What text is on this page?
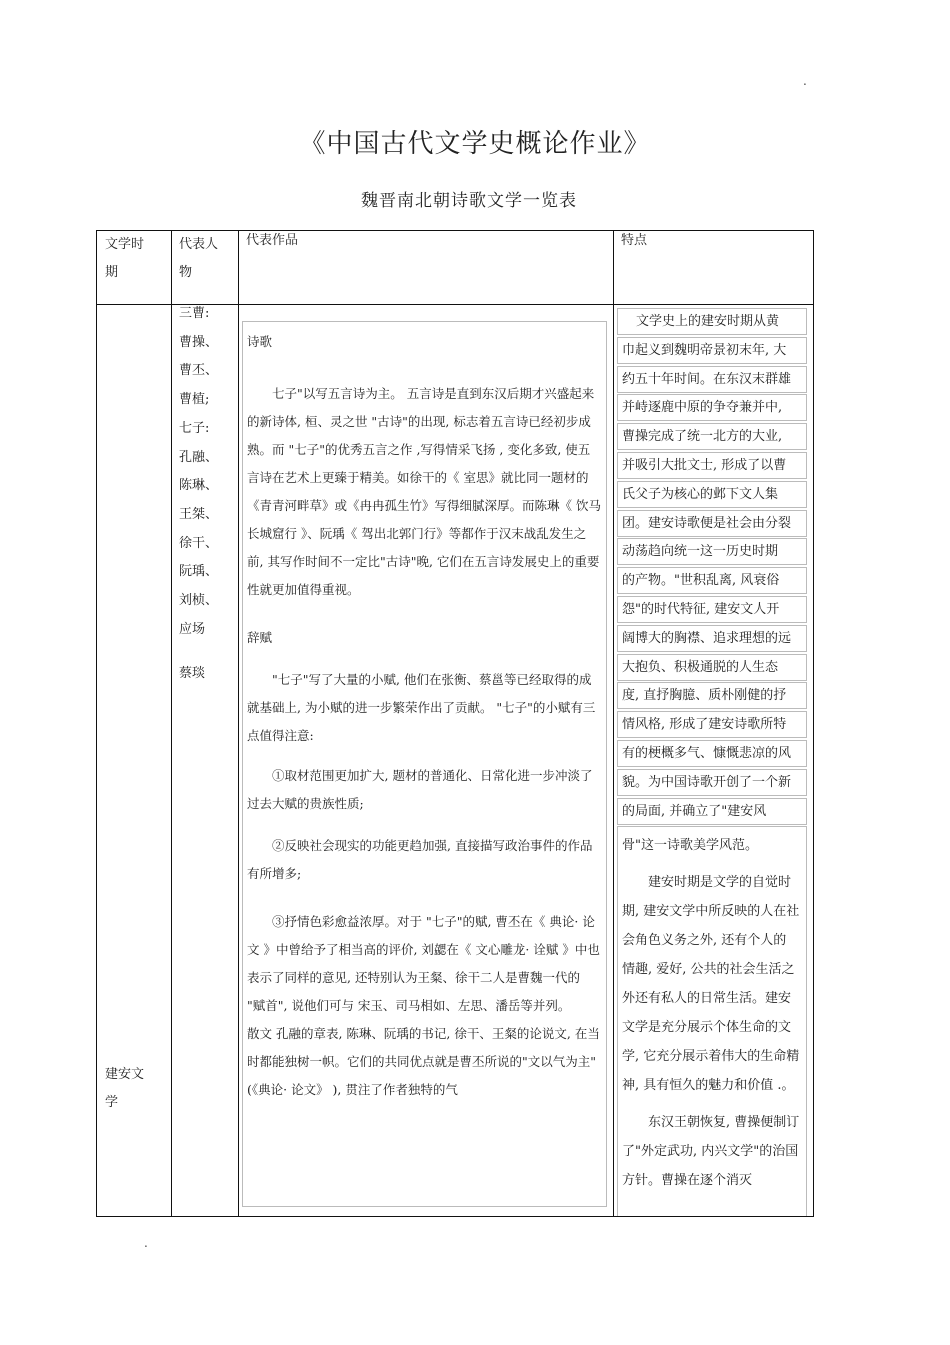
.
《中国古代文学史概论作业》
魏晋南北朝诗歌文学一览表
文学时期
代表人物
代表作品	特点
建安文学
三曹:
曹操、
曹丕、
曹植;
七子:
孔融、
陈琳、
王桀、
徐干、
阮瑀、
刘桢、
应场
蔡琰

诗歌

七子"以写五言诗为主。 五言诗是直到东汉后期才兴盛起来的新诗体, 桓、灵之世 "古诗"的出现, 标志着五言诗已经初步成熟。而 "七子"的优秀五言之作 ,写得情采飞扬 , 变化多致, 使五言诗在艺术上更臻于精美。如徐干的《 室思》就比同一题材的《青青河畔草》或《冉冉孤生竹》写得细腻深厚。而陈琳《 饮马长城窟行 》、阮瑀《 驾出北郭门行》等都作于汉末战乱发生之前, 其写作时间不一定比"古诗"晚, 它们在五言诗发展史上的重要性就更加值得重视。

辞赋

"七子"写了大量的小赋, 他们在张衡、蔡邕等已经取得的成就基础上, 为小赋的进一步繁荣作出了贡献。 "七子"的小赋有三点值得注意:

①取材范围更加扩大, 题材的普通化、日常化进一步冲淡了过去大赋的贵族性质;

②反映社会现实的功能更趋加强, 直接描写政治事件的作品有所增多;

③抒情色彩愈益浓厚。对于 "七子"的赋, 曹丕在《 典论· 论文 》中曾给予了相当高的评价, 刘勰在《 文心雕龙· 诠赋 》中也表示了同样的意见, 还特别认为王粲、徐干二人是曹魏一代的 "赋首", 说他们可与 宋玉、司马相如、左思、潘岳等并列。

散文 孔融的章表, 陈琳、阮瑀的书记, 徐干、王粲的论说文, 在当时都能独树一帜。它们的共同优点就是曹丕所说的"文以气为主"(《典论· 论文》 ), 贯注了作者独特的气

文学史上的建安时期从黄
巾起义到魏明帝景初末年, 大
约五十年时间。在东汉末群雄
并峙逐鹿中原的争夺兼并中,
曹操完成了统一北方的大业,
并吸引大批文士, 形成了以曹
氏父子为核心的邺下文人集
团。建安诗歌便是社会由分裂
动荡趋向统一这一历史时期
的产物。"世积乱离, 风衰俗
怨"的时代特征, 建安文人开
阔博大的胸襟、追求理想的远
大抱负、积极通脱的人生态
度, 直抒胸臆、质朴刚健的抒
情风格, 形成了建安诗歌所特
有的梗概多气、慷慨悲凉的风
貌。为中国诗歌开创了一个新
的局面, 并确立了"建安风

骨"这一诗歌美学风范。

建安时期是文学的自觉时期, 建安文学中所反映的人在社会角色义务之外, 还有个人的 情趣, 爱好, 公共的社会生活之外还有私人的日常生活。建安文学是充分展示个体生命的文学, 它充分展示着伟大的生命精神, 具有恒久的魅力和价值 .。

东汉王朝恢复, 曹操便制订了"外定武功, 内兴文学"的治国方针。曹操在逐个消灭

.
